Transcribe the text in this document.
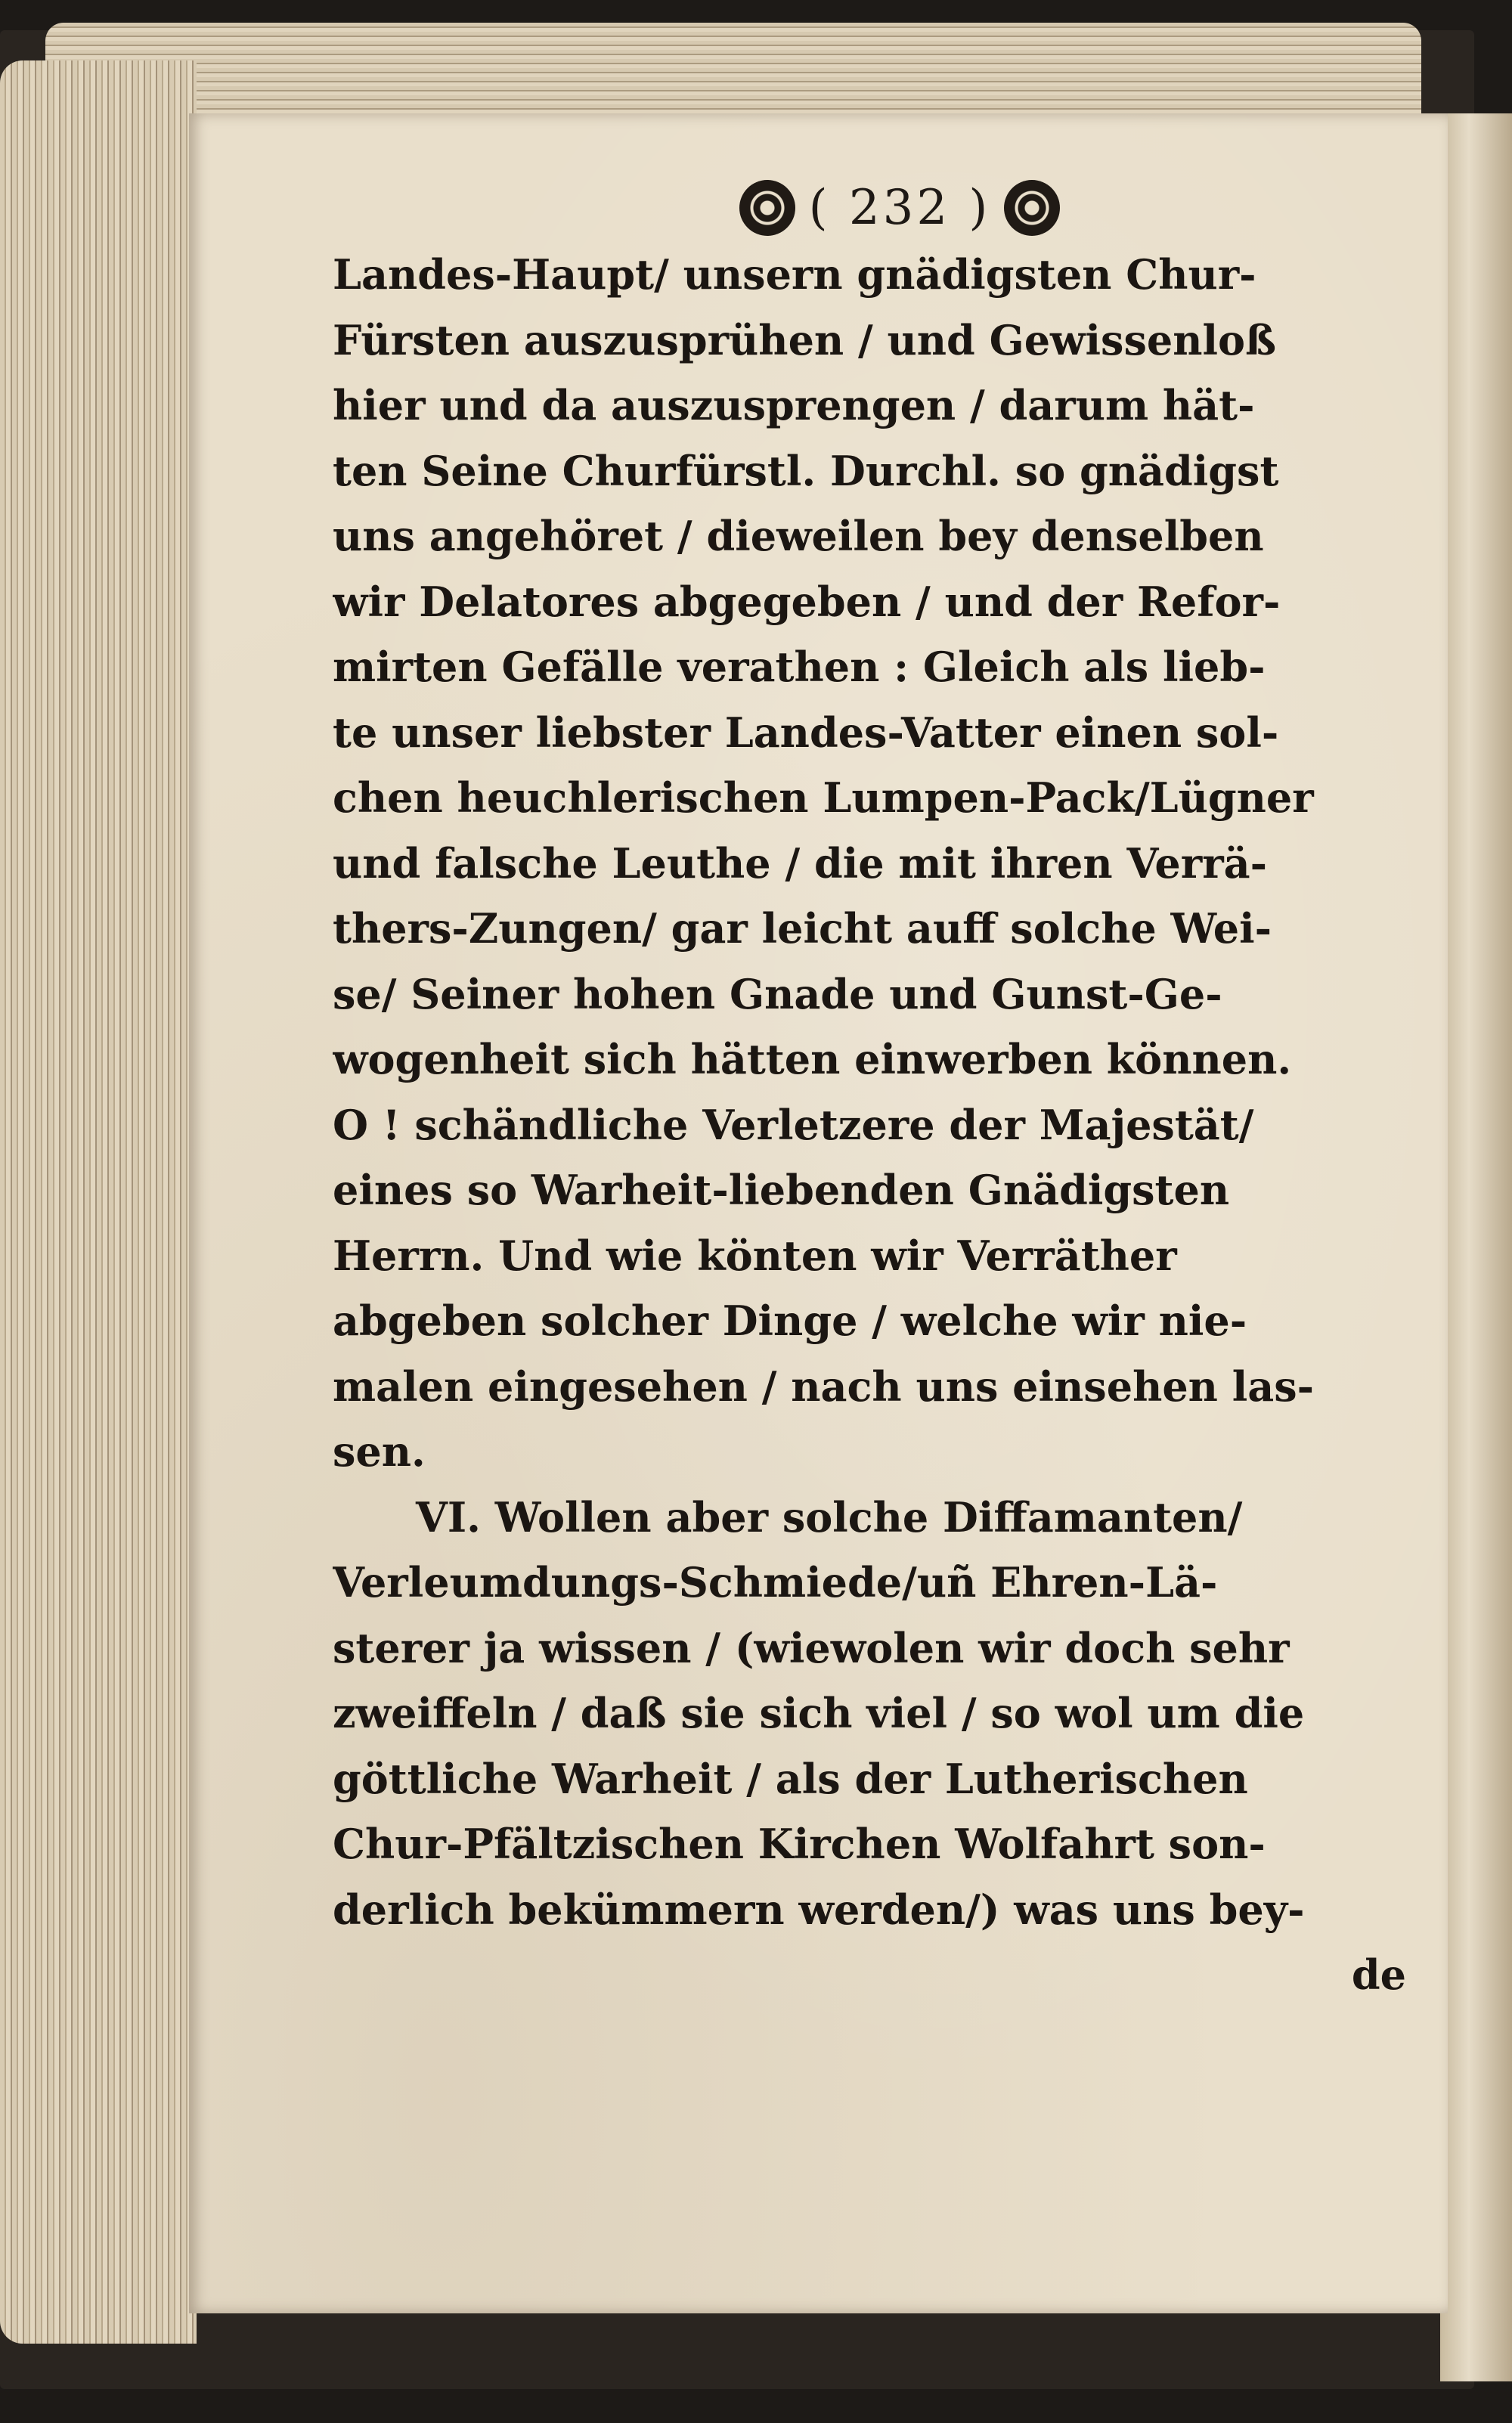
( 232 )
Landes-Haupt/ unsern gnädigsten Chur-
Fürsten auszusprühen / und Gewissenloß
hier und da auszusprengen / darum hät-
ten Seine Churfürstl. Durchl. so gnädigst
uns angehöret / dieweilen bey denselben
wir Delatores abgegeben / und der Refor-
mirten Gefälle verathen : Gleich als lieb-
te unser liebster Landes-Vatter einen sol-
chen heuchlerischen Lumpen-Pack/Lügner
und falsche Leuthe / die mit ihren Verrä-
thers-Zungen/ gar leicht auff solche Wei-
se/ Seiner hohen Gnade und Gunst-Ge-
wogenheit sich hätten einwerben können.
O ! schändliche Verletzere der Majestät/
eines so Warheit-liebenden Gnädigsten
Herrn. Und wie könten wir Verräther
abgeben solcher Dinge / welche wir nie-
malen eingesehen / nach uns einsehen las-
sen.
VI. Wollen aber solche Diffamanten/
Verleumdungs-Schmiede/uñ Ehren-Lä-
sterer ja wissen / (wiewolen wir doch sehr
zweiffeln / daß sie sich viel / so wol um die
göttliche Warheit / als der Lutherischen
Chur-Pfältzischen Kirchen Wolfahrt son-
derlich bekümmern werden/) was uns bey-
de
